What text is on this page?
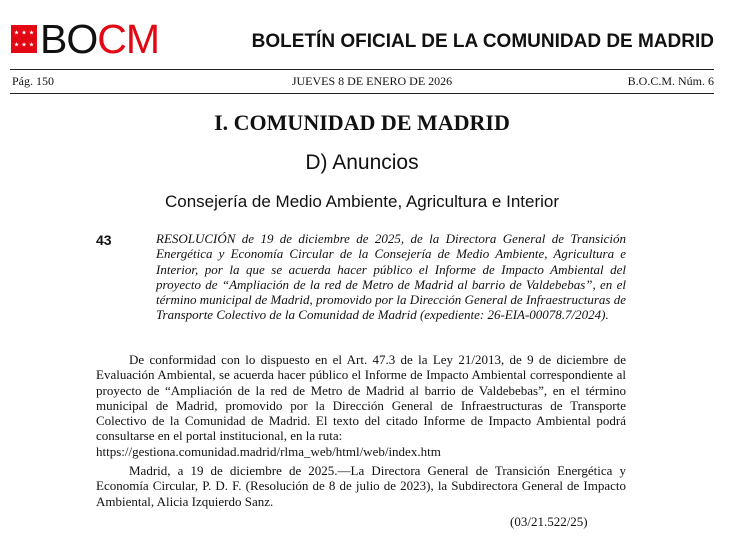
BOCM	BOLETÍN OFICIAL DE LA COMUNIDAD DE MADRID
Pág. 150	JUEVES 8 DE ENERO DE 2026	B.O.C.M. Núm. 6
I. COMUNIDAD DE MADRID
D) Anuncios
Consejería de Medio Ambiente, Agricultura e Interior
43	RESOLUCIÓN de 19 de diciembre de 2025, de la Directora General de Transición Energética y Economía Circular de la Consejería de Medio Ambiente, Agricultura e Interior, por la que se acuerda hacer público el Informe de Impacto Ambiental del proyecto de “Ampliación de la red de Metro de Madrid al barrio de Valdebebas”, en el término municipal de Madrid, promovido por la Dirección General de Infraestructuras de Transporte Colectivo de la Comunidad de Madrid (expediente: 26-EIA-00078.7/2024).

De conformidad con lo dispuesto en el Art. 47.3 de la Ley 21/2013, de 9 de diciembre de Evaluación Ambiental, se acuerda hacer público el Informe de Impacto Ambiental correspondiente al proyecto de “Ampliación de la red de Metro de Madrid al barrio de Valdebebas”, en el término municipal de Madrid, promovido por la Dirección General de Infraestructuras de Transporte Colectivo de la Comunidad de Madrid. El texto del citado Informe de Impacto Ambiental podrá consultarse en el portal institucional, en la ruta:

https://gestiona.comunidad.madrid/rlma_web/html/web/index.htm

Madrid, a 19 de diciembre de 2025.—La Directora General de Transición Energética y Economía Circular, P. D. F. (Resolución de 8 de julio de 2023), la Subdirectora General de Impacto Ambiental, Alicia Izquierdo Sanz.

(03/21.522/25)
